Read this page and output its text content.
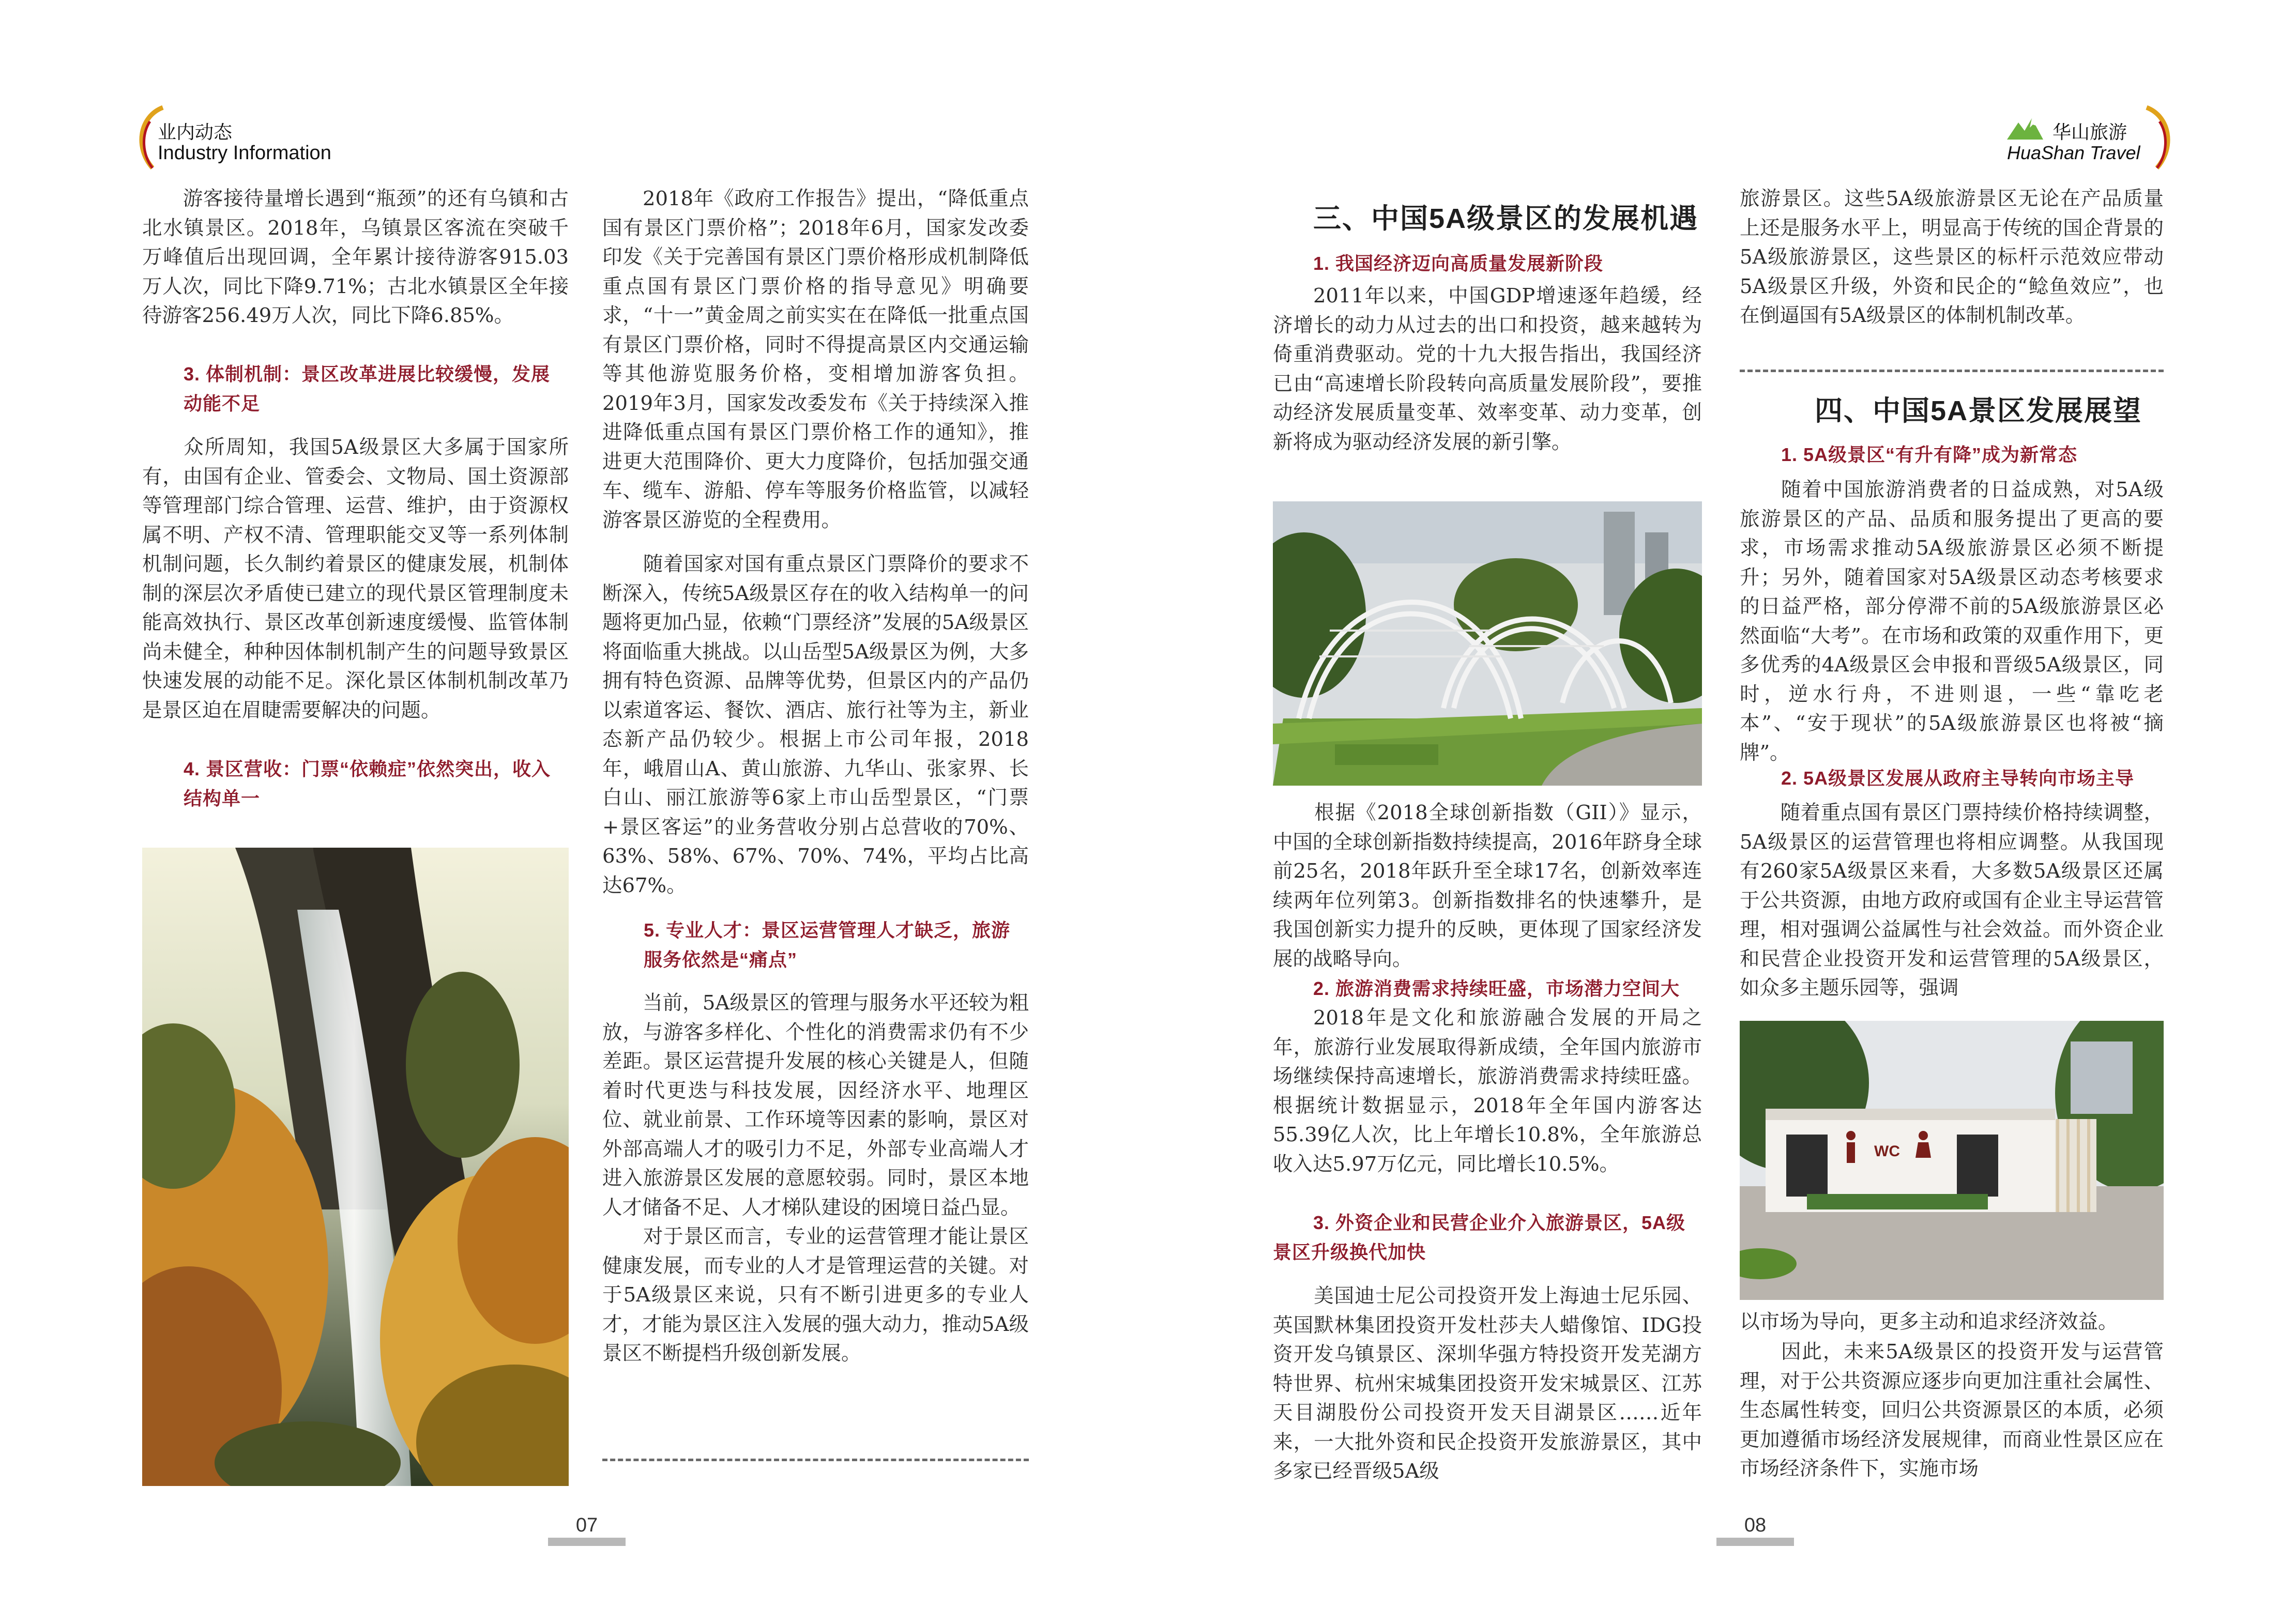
业内动态
Industry Information
华山旅游
HuaShan Travel

游客接待量增长遇到“瓶颈”的还有乌镇和古北水镇景区。2018年，乌镇景区客流在突破千万峰值后出现回调，全年累计接待游客915.03万人次，同比下降9.71%；古北水镇景区全年接待游客256.49万人次，同比下降6.85%。

3. 体制机制：景区改革进展比较缓慢，发展动能不足

众所周知，我国5A级景区大多属于国家所有，由国有企业、管委会、文物局、国土资源部等管理部门综合管理、运营、维护，由于资源权属不明、产权不清、管理职能交叉等一系列体制机制问题，长久制约着景区的健康发展，机制体制的深层次矛盾使已建立的现代景区管理制度未能高效执行、景区改革创新速度缓慢、监管体制尚未健全，种种因体制机制产生的问题导致景区快速发展的动能不足。深化景区体制机制改革乃是景区迫在眉睫需要解决的问题。

4. 景区营收：门票“依赖症”依然突出，收入结构单一

2018年《政府工作报告》提出，“降低重点国有景区门票价格”；2018年6月，国家发改委印发《关于完善国有景区门票价格形成机制降低重点国有景区门票价格的指导意见》明确要求，“十一”黄金周之前实实在在降低一批重点国有景区门票价格，同时不得提高景区内交通运输等其他游览服务价格，变相增加游客负担。2019年3月，国家发改委发布《关于持续深入推进降低重点国有景区门票价格工作的通知》，推进更大范围降价、更大力度降价，包括加强交通车、缆车、游船、停车等服务价格监管，以减轻游客景区游览的全程费用。

随着国家对国有重点景区门票降价的要求不断深入，传统5A级景区存在的收入结构单一的问题将更加凸显，依赖“门票经济”发展的5A级景区将面临重大挑战。以山岳型5A级景区为例，大多拥有特色资源、品牌等优势，但景区内的产品仍以索道客运、餐饮、酒店、旅行社等为主，新业态新产品仍较少。根据上市公司年报，2018年，峨眉山A、黄山旅游、九华山、张家界、长白山、丽江旅游等6家上市山岳型景区，“门票+景区客运”的业务营收分别占总营收的70%、63%、58%、67%、70%、74%，平均占比高达67%。

5. 专业人才：景区运营管理人才缺乏，旅游服务依然是“痛点”

当前，5A级景区的管理与服务水平还较为粗放，与游客多样化、个性化的消费需求仍有不少差距。景区运营提升发展的核心关键是人，但随着时代更迭与科技发展，因经济水平、地理区位、就业前景、工作环境等因素的影响，景区对外部高端人才的吸引力不足，外部专业高端人才进入旅游景区发展的意愿较弱。同时，景区本地人才储备不足、人才梯队建设的困境日益凸显。

对于景区而言，专业的运营管理才能让景区健康发展，而专业的人才是管理运营的关键。对于5A级景区来说，只有不断引进更多的专业人才，才能为景区注入发展的强大动力，推动5A级景区不断提档升级创新发展。

07

三、中国5A级景区的发展机遇

1. 我国经济迈向高质量发展新阶段

2011年以来，中国GDP增速逐年趋缓，经济增长的动力从过去的出口和投资，越来越转为倚重消费驱动。党的十九大报告指出，我国经济已由“高速增长阶段转向高质量发展阶段”，要推动经济发展质量变革、效率变革、动力变革，创新将成为驱动经济发展的新引擎。

根据《2018全球创新指数（GII）》显示，中国的全球创新指数持续提高，2016年跻身全球前25名，2018年跃升至全球17名，创新效率连续两年位列第3。创新指数排名的快速攀升，是我国创新实力提升的反映，更体现了国家经济发展的战略导向。

2. 旅游消费需求持续旺盛，市场潜力空间大

2018年是文化和旅游融合发展的开局之年，旅游行业发展取得新成绩，全年国内旅游市场继续保持高速增长，旅游消费需求持续旺盛。根据统计数据显示，2018年全年国内游客达55.39亿人次，比上年增长10.8%，全年旅游总收入达5.97万亿元，同比增长10.5%。

3. 外资企业和民营企业介入旅游景区，5A级景区升级换代加快

美国迪士尼公司投资开发上海迪士尼乐园、英国默林集团投资开发杜莎夫人蜡像馆、IDG投资开发乌镇景区、深圳华强方特投资开发芜湖方特世界、杭州宋城集团投资开发宋城景区、江苏天目湖股份公司投资开发天目湖景区……近年来，一大批外资和民企投资开发旅游景区，其中多家已经晋级5A级

08

旅游景区。这些5A级旅游景区无论在产品质量上还是服务水平上，明显高于传统的国企背景的5A级旅游景区，这些景区的标杆示范效应带动5A级景区升级，外资和民企的“鲶鱼效应”，也在倒逼国有5A级景区的体制机制改革。

四、中国5A景区发展展望

1. 5A级景区“有升有降”成为新常态

随着中国旅游消费者的日益成熟，对5A级旅游景区的产品、品质和服务提出了更高的要求，市场需求推动5A级旅游景区必须不断提升；另外，随着国家对5A级景区动态考核要求的日益严格，部分停滞不前的5A级旅游景区必然面临“大考”。在市场和政策的双重作用下，更多优秀的4A级景区会申报和晋级5A级景区，同时，逆水行舟，不进则退，一些“靠吃老本”、“安于现状”的5A级旅游景区也将被“摘牌”。

2. 5A级景区发展从政府主导转向市场主导

随着重点国有景区门票持续价格持续调整，5A级景区的运营管理也将相应调整。从我国现有260家5A级景区来看，大多数5A级景区还属于公共资源，由地方政府或国有企业主导运营管理，相对强调公益属性与社会效益。而外资企业和民营企业投资开发和运营管理的5A级景区，如众多主题乐园等，强调

WC

以市场为导向，更多主动和追求经济效益。

因此，未来5A级景区的投资开发与运营管理，对于公共资源应逐步向更加注重社会属性、生态属性转变，回归公共资源景区的本质，必须更加遵循市场经济发展规律，而商业性景区应在市场经济条件下，实施市场
